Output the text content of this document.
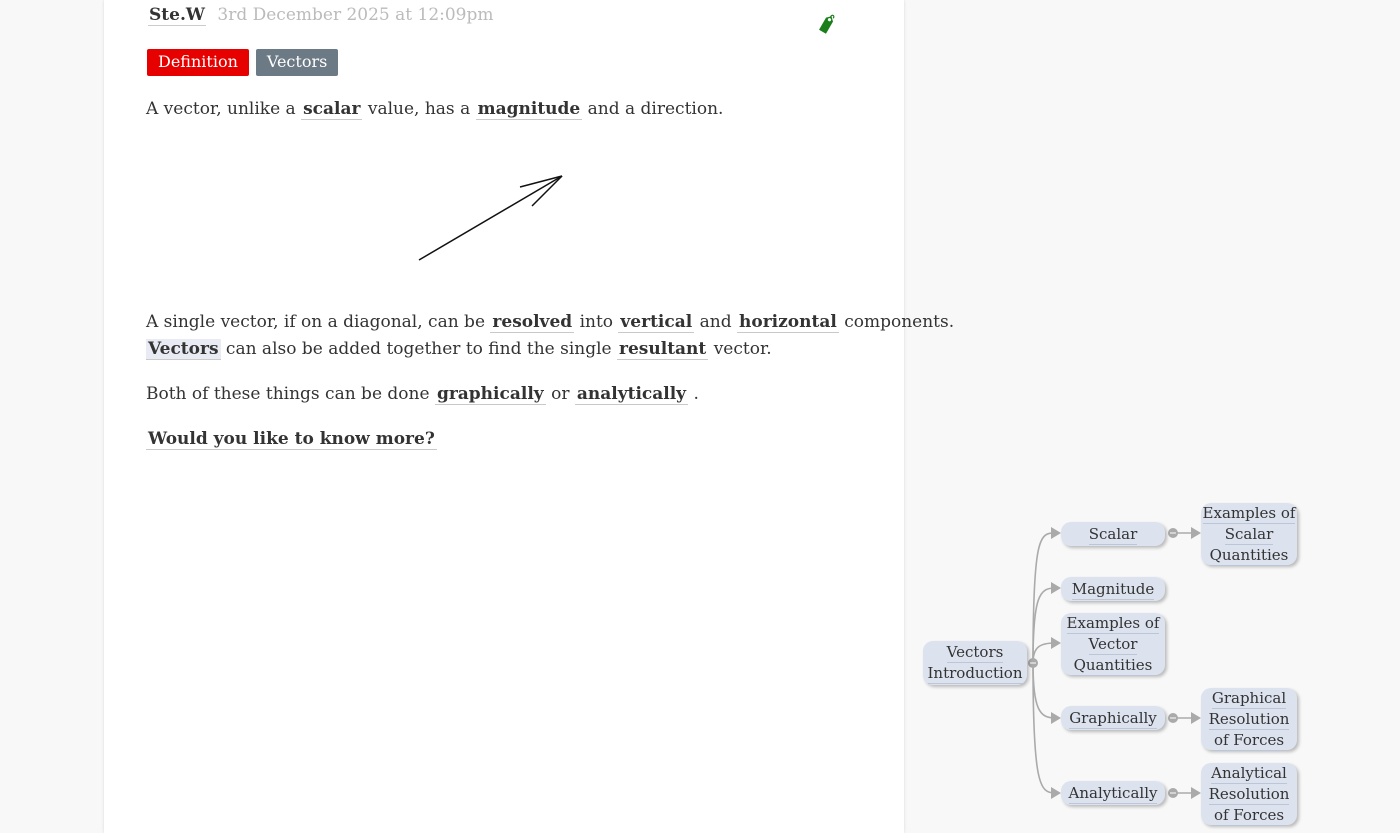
Ste.W 3rd December 2025 at 12:09pm
Definition	Vectors
A vector, unlike a scalar value, has a magnitude and a direction.
A single vector, if on a diagonal, can be resolved into vertical and horizontal components.
Vectors can also be added together to find the single resultant vector.
Both of these things can be done graphically or analytically .
Would you like to know more?
Vectors
Introduction
Scalar
Examples of
Scalar
Quantities
Magnitude
Examples of
Vector
Quantities
Graphically
Graphical
Resolution
of Forces
Analytically
Analytical
Resolution
of Forces
